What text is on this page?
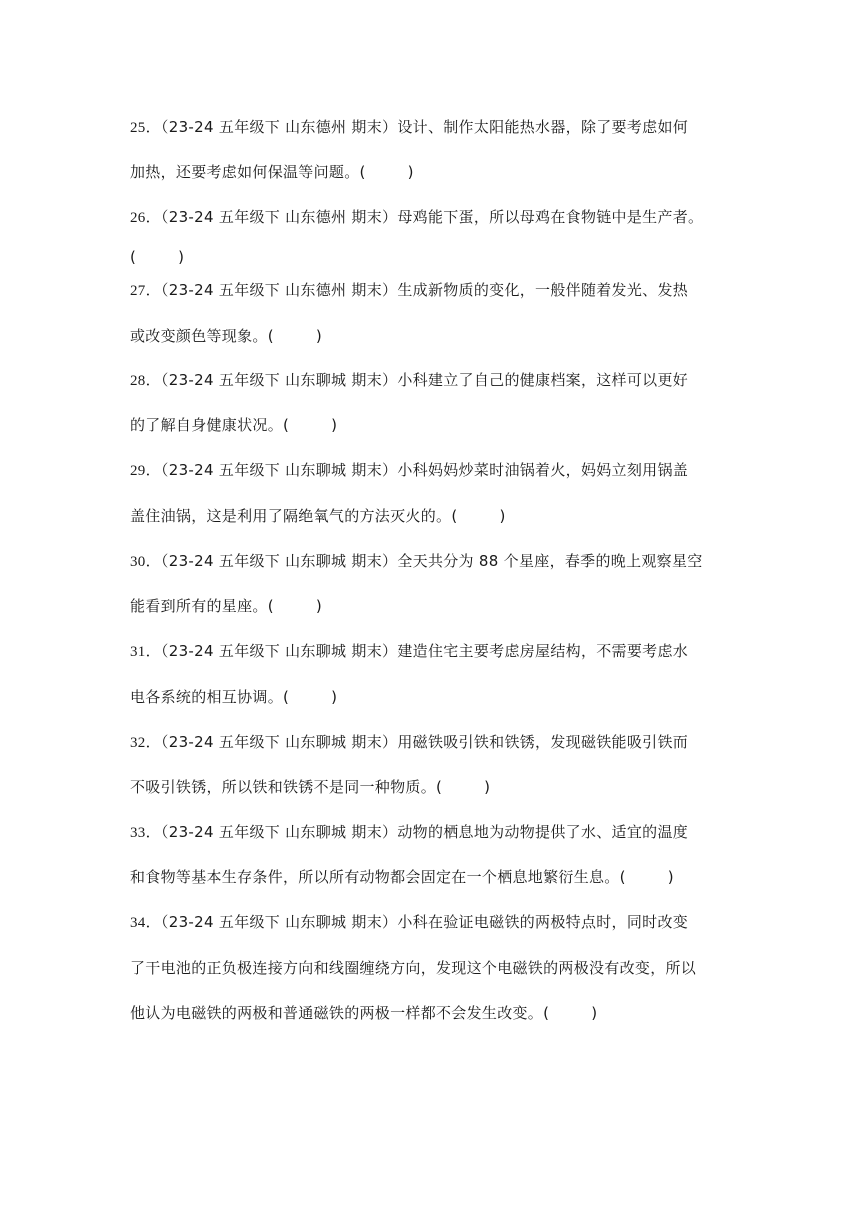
25．（23-24 五年级下 山东德州 期末）设计、制作太阳能热水器，除了要考虑如何
加热，还要考虑如何保温等问题。(	)
26．（23-24 五年级下 山东德州 期末）母鸡能下蛋，所以母鸡在食物链中是生产者。
(	)
27．（23-24 五年级下 山东德州 期末）生成新物质的变化，一般伴随着发光、发热
或改变颜色等现象。(	)
28．（23-24 五年级下 山东聊城 期末）小科建立了自己的健康档案，这样可以更好
的了解自身健康状况。(	)
29．（23-24 五年级下 山东聊城 期末）小科妈妈炒菜时油锅着火，妈妈立刻用锅盖
盖住油锅，这是利用了隔绝氧气的方法灭火的。(	)
30．（23-24 五年级下 山东聊城 期末）全天共分为 88 个星座，春季的晚上观察星空
能看到所有的星座。(	)
31．（23-24 五年级下 山东聊城 期末）建造住宅主要考虑房屋结构，不需要考虑水
电各系统的相互协调。(	)
32．（23-24 五年级下 山东聊城 期末）用磁铁吸引铁和铁锈，发现磁铁能吸引铁而
不吸引铁锈，所以铁和铁锈不是同一种物质。(	)
33．（23-24 五年级下 山东聊城 期末）动物的栖息地为动物提供了水、适宜的温度
和食物等基本生存条件，所以所有动物都会固定在一个栖息地繁衍生息。(	)
34．（23-24 五年级下 山东聊城 期末）小科在验证电磁铁的两极特点时，同时改变
了干电池的正负极连接方向和线圈缠绕方向，发现这个电磁铁的两极没有改变，所以
他认为电磁铁的两极和普通磁铁的两极一样都不会发生改变。(	)
